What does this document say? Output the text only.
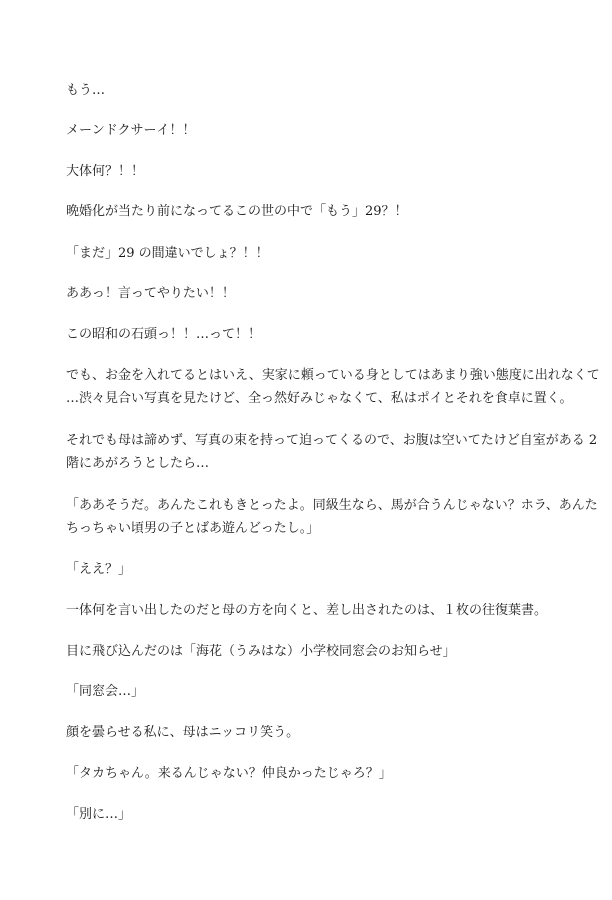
もう…
メーンドクサーイ！！
大体何？！！
晩婚化が当たり前になってるこの世の中で「もう」29？！
「まだ」29 の間違いでしょ？！！
ああっ！言ってやりたい！！
この昭和の石頭っ！！…って！！
でも、お金を入れてるとはいえ、実家に頼っている身としてはあまり強い態度に出れなくて
…渋々見合い写真を見たけど、全っ然好みじゃなくて、私はポイとそれを食卓に置く。
それでも母は諦めず、写真の束を持って迫ってくるので、お腹は空いてたけど自室がある 2
階にあがろうとしたら…
「ああそうだ。あんたこれもきとったよ。同級生なら、馬が合うんじゃない？ホラ、あんた
ちっちゃい頃男の子とばあ遊んどったし。」
「ええ？」
一体何を言い出したのだと母の方を向くと、差し出されたのは、１枚の往復葉書。
目に飛び込んだのは「海花（うみはな）小学校同窓会のお知らせ」
「同窓会…」
顔を曇らせる私に、母はニッコリ笑う。
「タカちゃん。来るんじゃない？仲良かったじゃろ？」
「別に…」
